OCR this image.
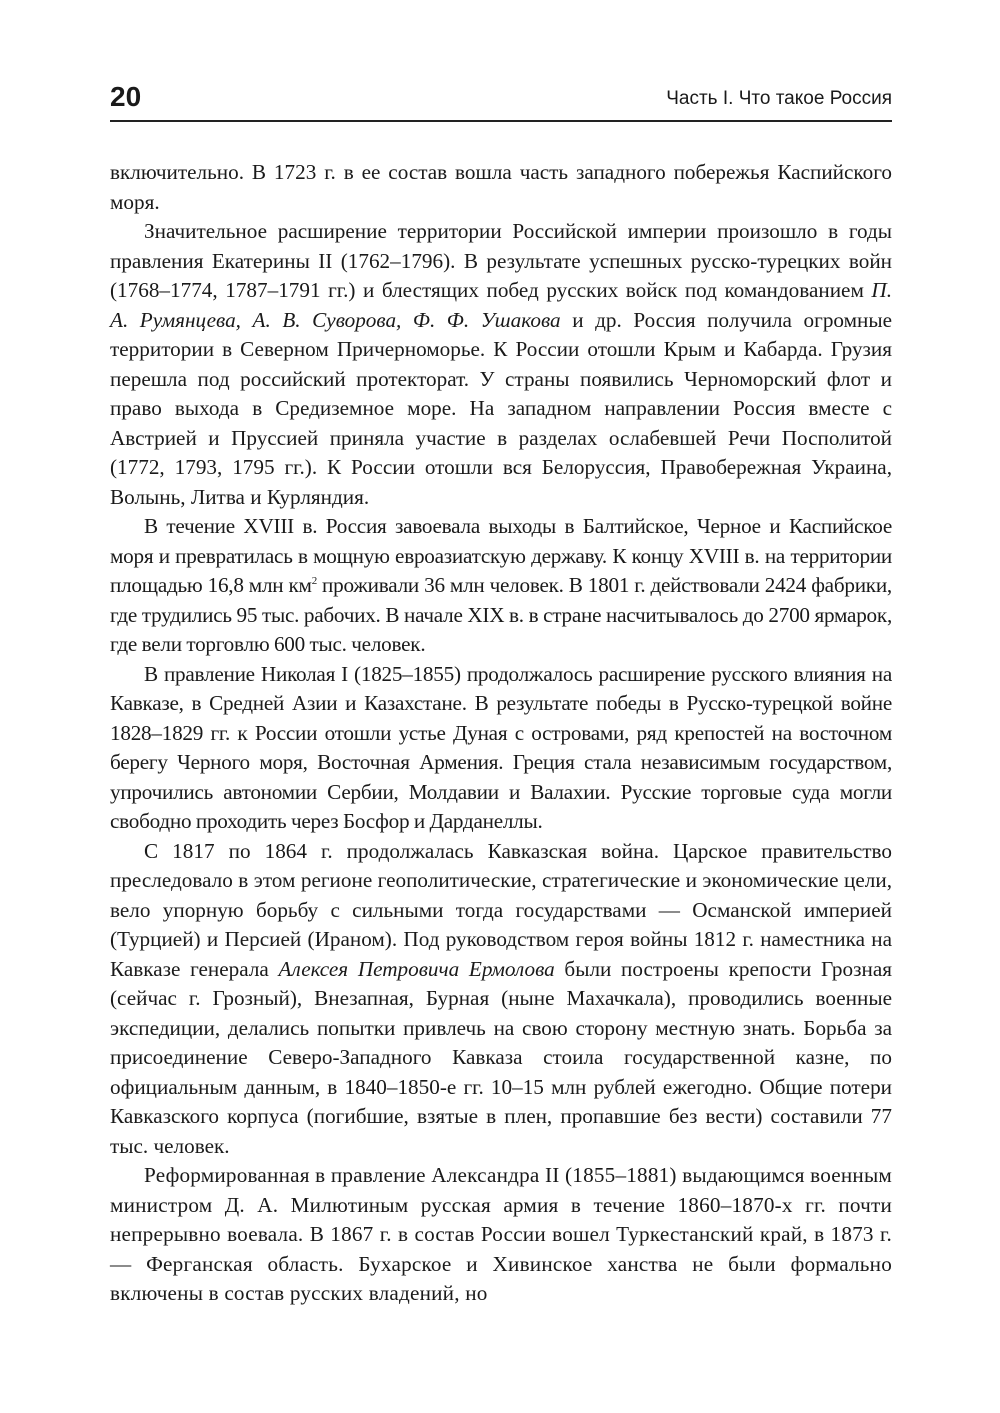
20	Часть I. Что такое Россия

включительно. В 1723 г. в ее состав вошла часть западного побережья Каспийского моря.

Значительное расширение территории Российской империи произошло в годы правления Екатерины II (1762–1796). В результате успешных русско-турецких войн (1768–1774, 1787–1791 гг.) и блестящих побед русских войск под командованием П. А. Румянцева, А. В. Суворова, Ф. Ф. Ушакова и др. Россия получила огромные территории в Северном Причерноморье. К России отошли Крым и Кабарда. Грузия перешла под российский протекторат. У страны появились Черноморский флот и право выхода в Средиземное море. На западном направлении Россия вместе с Австрией и Пруссией приняла участие в разделах ослабевшей Речи Посполитой (1772, 1793, 1795 гг.). К России отошли вся Белоруссия, Правобережная Украина, Волынь, Литва и Курляндия.

В течение XVIII в. Россия завоевала выходы в Балтийское, Черное и Каспийское моря и превратилась в мощную евроазиатскую державу. К концу XVIII в. на территории площадью 16,8 млн $км^2$ проживали 36 млн человек. В 1801 г. действовали 2424 фабрики, где трудились 95 тыс. рабочих. В начале XIX в. в стране насчитывалось до 2700 ярмарок, где вели торговлю 600 тыс. человек.

В правление Николая I (1825–1855) продолжалось расширение русского влияния на Кавказе, в Средней Азии и Казахстане. В результате победы в Русско-турецкой войне 1828–1829 гг. к России отошли устье Дуная с островами, ряд крепостей на восточном берегу Черного моря, Восточная Армения. Греция стала независимым государством, упрочились автономии Сербии, Молдавии и Валахии. Русские торговые суда могли свободно проходить через Босфор и Дарданеллы.

С 1817 по 1864 г. продолжалась Кавказская война. Царское правительство преследовало в этом регионе геополитические, стратегические и экономические цели, вело упорную борьбу с сильными тогда государствами — Османской империей (Турцией) и Персией (Ираном). Под руководством героя войны 1812 г. наместника на Кавказе генерала Алексея Петровича Ермолова были построены крепости Грозная (сейчас г. Грозный), Внезапная, Бурная (ныне Махачкала), проводились военные экспедиции, делались попытки привлечь на свою сторону местную знать. Борьба за присоединение Северо-Западного Кавказа стоила государственной казне, по официальным данным, в 1840–1850-е гг. 10–15 млн рублей ежегодно. Общие потери Кавказского корпуса (погибшие, взятые в плен, пропавшие без вести) составили 77 тыс. человек.

Реформированная в правление Александра II (1855–1881) выдающимся военным министром Д. А. Милютиным русская армия в течение 1860–1870-х гг. почти непрерывно воевала. В 1867 г. в состав России вошел Туркестанский край, в 1873 г. — Ферганская область. Бухарское и Хивинское ханства не были формально включены в состав русских владений, но
